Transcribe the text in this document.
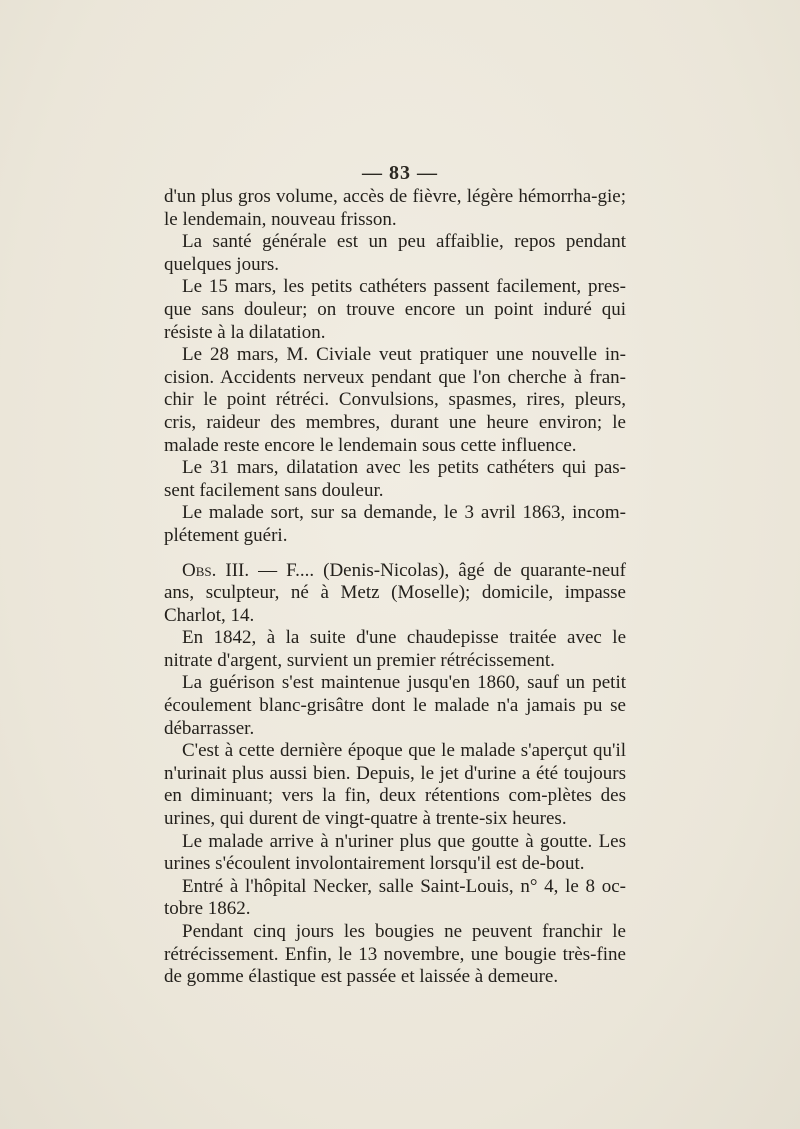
— 83 —

d'un plus gros volume, accès de fièvre, légère hémorrha-gie; le lendemain, nouveau frisson.

La santé générale est un peu affaiblie, repos pendant quelques jours.

Le 15 mars, les petits cathéters passent facilement, pres-que sans douleur; on trouve encore un point induré qui résiste à la dilatation.

Le 28 mars, M. Civiale veut pratiquer une nouvelle in-cision. Accidents nerveux pendant que l'on cherche à fran-chir le point rétréci. Convulsions, spasmes, rires, pleurs, cris, raideur des membres, durant une heure environ; le malade reste encore le lendemain sous cette influence.

Le 31 mars, dilatation avec les petits cathéters qui pas-sent facilement sans douleur.

Le malade sort, sur sa demande, le 3 avril 1863, incom-plétement guéri.

Obs. III. — F.... (Denis-Nicolas), âgé de quarante-neuf ans, sculpteur, né à Metz (Moselle); domicile, impasse Charlot, 14.

En 1842, à la suite d'une chaudepisse traitée avec le nitrate d'argent, survient un premier rétrécissement.

La guérison s'est maintenue jusqu'en 1860, sauf un petit écoulement blanc-grisâtre dont le malade n'a jamais pu se débarrasser.

C'est à cette dernière époque que le malade s'aperçut qu'il n'urinait plus aussi bien. Depuis, le jet d'urine a été toujours en diminuant; vers la fin, deux rétentions com-plètes des urines, qui durent de vingt-quatre à trente-six heures.

Le malade arrive à n'uriner plus que goutte à goutte. Les urines s'écoulent involontairement lorsqu'il est de-bout.

Entré à l'hôpital Necker, salle Saint-Louis, n° 4, le 8 oc-tobre 1862.

Pendant cinq jours les bougies ne peuvent franchir le rétrécissement. Enfin, le 13 novembre, une bougie très-fine de gomme élastique est passée et laissée à demeure.
